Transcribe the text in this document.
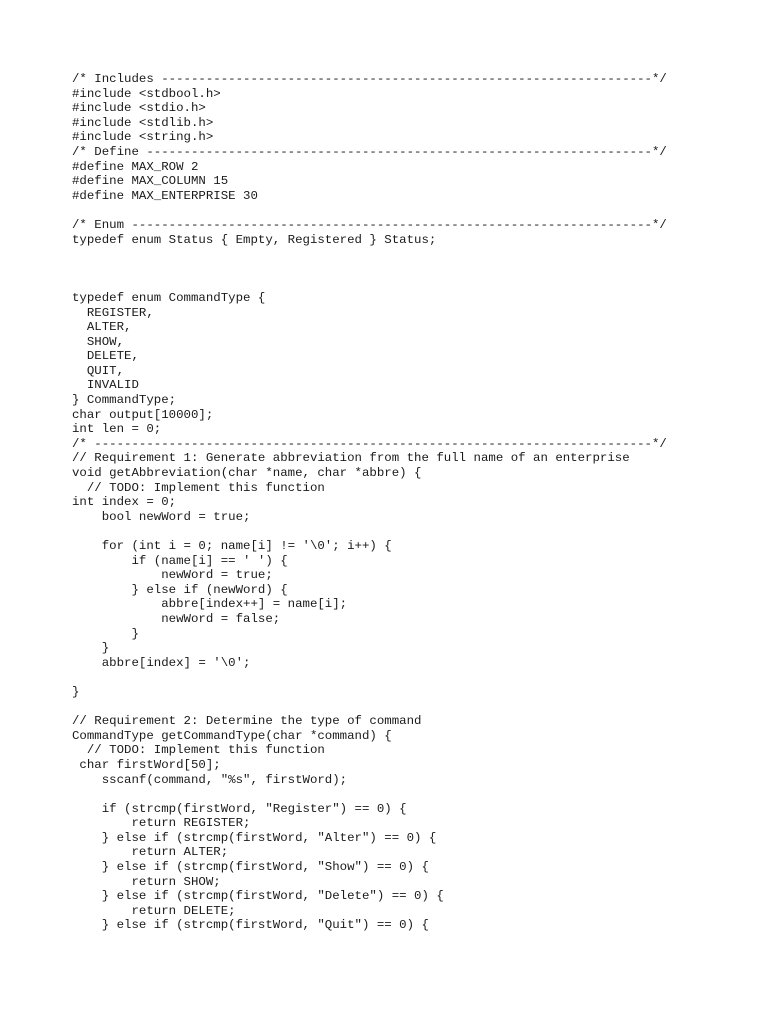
/* Includes ------------------------------------------------------------------*/
#include <stdbool.h>
#include <stdio.h>
#include <stdlib.h>
#include <string.h>
/* Define --------------------------------------------------------------------*/
#define MAX_ROW 2
#define MAX_COLUMN 15
#define MAX_ENTERPRISE 30
/* Enum ----------------------------------------------------------------------*/
typedef enum Status { Empty, Registered } Status;
typedef enum CommandType {
REGISTER,
ALTER,
SHOW,
DELETE,
QUIT,
INVALID
} CommandType;
char output[10000];
int len = 0;
/* ---------------------------------------------------------------------------*/
// Requirement 1: Generate abbreviation from the full name of an enterprise
void getAbbreviation(char *name, char *abbre) {
// TODO: Implement this function
int index = 0;
bool newWord = true;
for (int i = 0; name[i] != '\0'; i++) {
if (name[i] == ' ') {
newWord = true;
} else if (newWord) {
abbre[index++] = name[i];
newWord = false;
}
}
abbre[index] = '\0';
}
// Requirement 2: Determine the type of command
CommandType getCommandType(char *command) {
// TODO: Implement this function
char firstWord[50];
sscanf(command, "%s", firstWord);
if (strcmp(firstWord, "Register") == 0) {
return REGISTER;
} else if (strcmp(firstWord, "Alter") == 0) {
return ALTER;
} else if (strcmp(firstWord, "Show") == 0) {
return SHOW;
} else if (strcmp(firstWord, "Delete") == 0) {
return DELETE;
} else if (strcmp(firstWord, "Quit") == 0) {
